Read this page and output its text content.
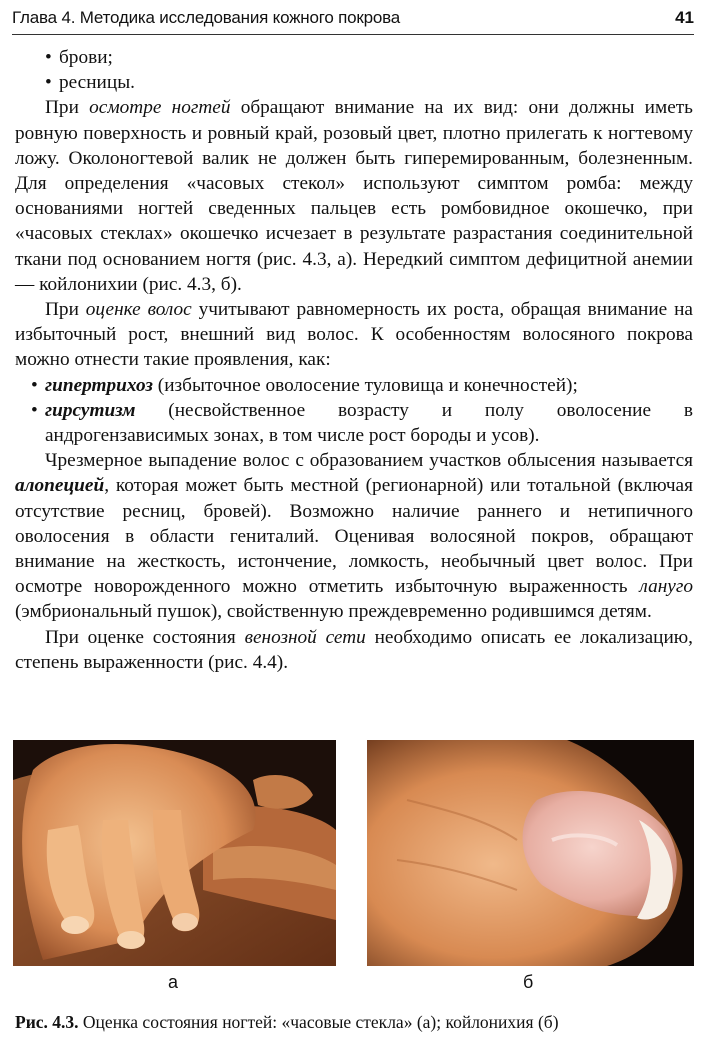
Глава 4. Методика исследования кожного покрова	41
• брови;
• ресницы.

При осмотре ногтей обращают внимание на их вид: они должны иметь ровную поверхность и ровный край, розовый цвет, плотно прилегать к ногтевому ложу. Околоногтевой валик не должен быть гиперемированным, болезненным. Для определения «часовых стекол» используют симптом ромба: между основаниями ногтей сведенных пальцев есть ромбовидное окошечко, при «часовых стеклах» окошечко исчезает в результате разрастания соединительной ткани под основанием ногтя (рис. 4.3, а). Нередкий симптом дефицитной анемии — койлонихии (рис. 4.3, б).

При оценке волос учитывают равномерность их роста, обращая внимание на избыточный рост, внешний вид волос. К особенностям волосяного покрова можно отнести такие проявления, как:

• гипертрихоз (избыточное оволосение туловища и конечностей);
• гирсутизм (несвойственное возрасту и полу оволосение в андрогензависимых зонах, в том числе рост бороды и усов).

Чрезмерное выпадение волос с образованием участков облысения называется алопецией, которая может быть местной (регионарной) или тотальной (включая отсутствие ресниц, бровей). Возможно наличие раннего и нетипичного оволосения в области гениталий. Оценивая волосяной покров, обращают внимание на жесткость, истончение, ломкость, необычный цвет волос. При осмотре новорожденного можно отметить избыточную выраженность лануго (эмбриональный пушок), свойственную преждевременно родившимся детям.

При оценке состояния венозной сети необходимо описать ее локализацию, степень выраженности (рис. 4.4).

а	б
Рис. 4.3. Оценка состояния ногтей: «часовые стекла» (а); койлонихия (б)
